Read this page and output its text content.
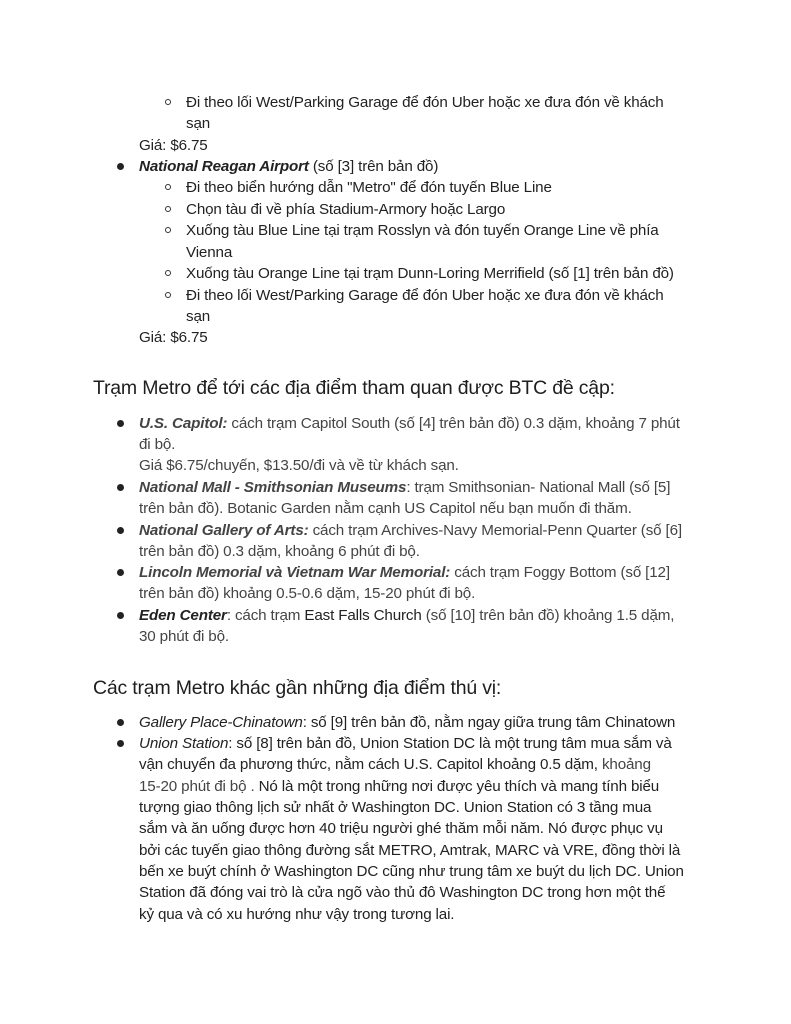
Đi theo lối West/Parking Garage để đón Uber hoặc xe đưa đón về khách
sạn
Giá: $6.75
National Reagan Airport (số [3] trên bản đồ)
Đi theo biển hướng dẫn "Metro" để đón tuyến Blue Line
Chọn tàu đi về phía Stadium-Armory hoặc Largo
Xuống tàu Blue Line tại trạm Rosslyn và đón tuyến Orange Line về phía
Vienna
Xuống tàu Orange Line tại trạm Dunn-Loring Merrifield (số [1] trên bản đồ)
Đi theo lối West/Parking Garage để đón Uber hoặc xe đưa đón về khách
sạn
Giá: $6.75
Trạm Metro để tới các địa điểm tham quan được BTC đề cập:
U.S. Capitol: cách trạm Capitol South (số [4] trên bản đồ) 0.3 dặm, khoảng 7 phút
đi bộ.
Giá $6.75/chuyến, $13.50/đi và về từ khách sạn.
National Mall - Smithsonian Museums: trạm Smithsonian- National Mall (số [5]
trên bản đồ). Botanic Garden nằm cạnh US Capitol nếu bạn muốn đi thăm.
National Gallery of Arts: cách trạm Archives-Navy Memorial-Penn Quarter (số [6]
trên bản đồ) 0.3 dặm, khoảng 6 phút đi bộ.
Lincoln Memorial và Vietnam War Memorial: cách trạm Foggy Bottom (số [12]
trên bản đồ) khoảng 0.5-0.6 dặm, 15-20 phút đi bộ.
Eden Center: cách trạm East Falls Church (số [10] trên bản đồ) khoảng 1.5 dặm,
30 phút đi bộ.
Các trạm Metro khác gần những địa điểm thú vị:
Gallery Place-Chinatown: số [9] trên bản đồ, nằm ngay giữa trung tâm Chinatown
Union Station: số [8] trên bản đồ, Union Station DC là một trung tâm mua sắm và
vận chuyển đa phương thức, nằm cách U.S. Capitol khoảng 0.5 dặm, khoảng
15-20 phút đi bộ . Nó là một trong những nơi được yêu thích và mang tính biểu
tượng giao thông lịch sử nhất ở Washington DC. Union Station có 3 tầng mua
sắm và ăn uống được hơn 40 triệu người ghé thăm mỗi năm. Nó được phục vụ
bởi các tuyến giao thông đường sắt METRO, Amtrak, MARC và VRE, đồng thời là
bến xe buýt chính ở Washington DC cũng như trung tâm xe buýt du lịch DC. Union
Station đã đóng vai trò là cửa ngõ vào thủ đô Washington DC trong hơn một thế
kỷ qua và có xu hướng như vậy trong tương lai.
